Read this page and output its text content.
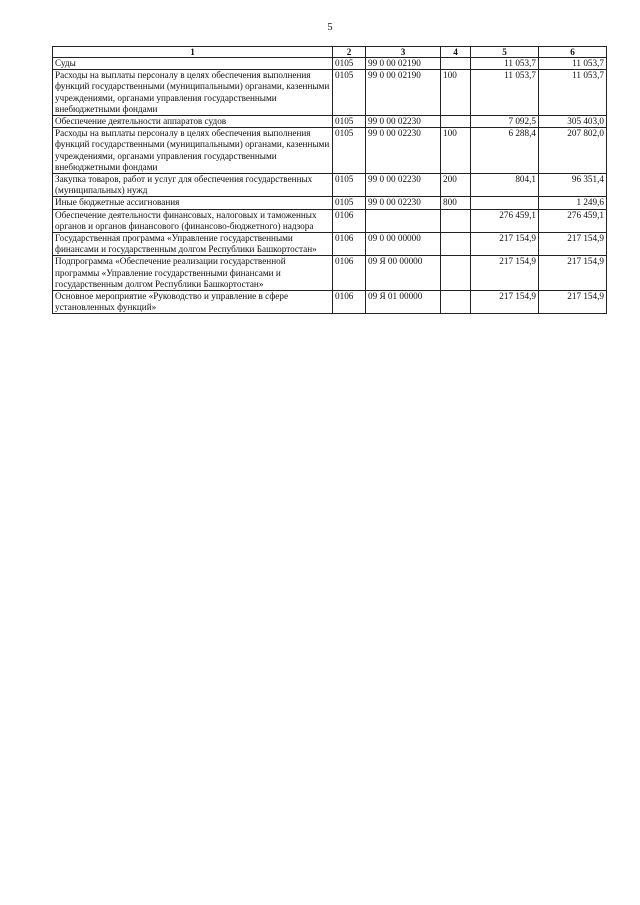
5
1	2	3	4	5	6
Суды	0105	99 0 00 02190		11 053,7	11 053,7
Расходы на выплаты персоналу в целях обеспечения выполнения функций государственными (муниципальными) органами, казенными учреждениями, органами управления государственными внебюджетными фондами	0105	99 0 00 02190	100	11 053,7	11 053,7
Обеспечение деятельности аппаратов судов	0105	99 0 00 02230		7 092,5	305 403,0
Расходы на выплаты персоналу в целях обеспечения выполнения функций государственными (муниципальными) органами, казенными учреждениями, органами управления государственными внебюджетными фондами	0105	99 0 00 02230	100	6 288,4	207 802,0
Закупка товаров, работ и услуг для обеспечения государственных (муниципальных) нужд	0105	99 0 00 02230	200	804,1	96 351,4
Иные бюджетные ассигнования	0105	99 0 00 02230	800		1 249,6
Обеспечение деятельности финансовых, налоговых и таможенных органов и органов финансового (финансово-бюджетного) надзора	0106			276 459,1	276 459,1
Государственная программа «Управление государственными финансами и государственным долгом Республики Башкортостан»	0106	09 0 00 00000		217 154,9	217 154,9
Подпрограмма «Обеспечение реализации государственной программы «Управление государственными финансами и государственным долгом Республики Башкортостан»	0106	09 Я 00 00000		217 154,9	217 154,9
Основное мероприятие «Руководство и управление в сфере установленных функций»	0106	09 Я 01 00000		217 154,9	217 154,9
